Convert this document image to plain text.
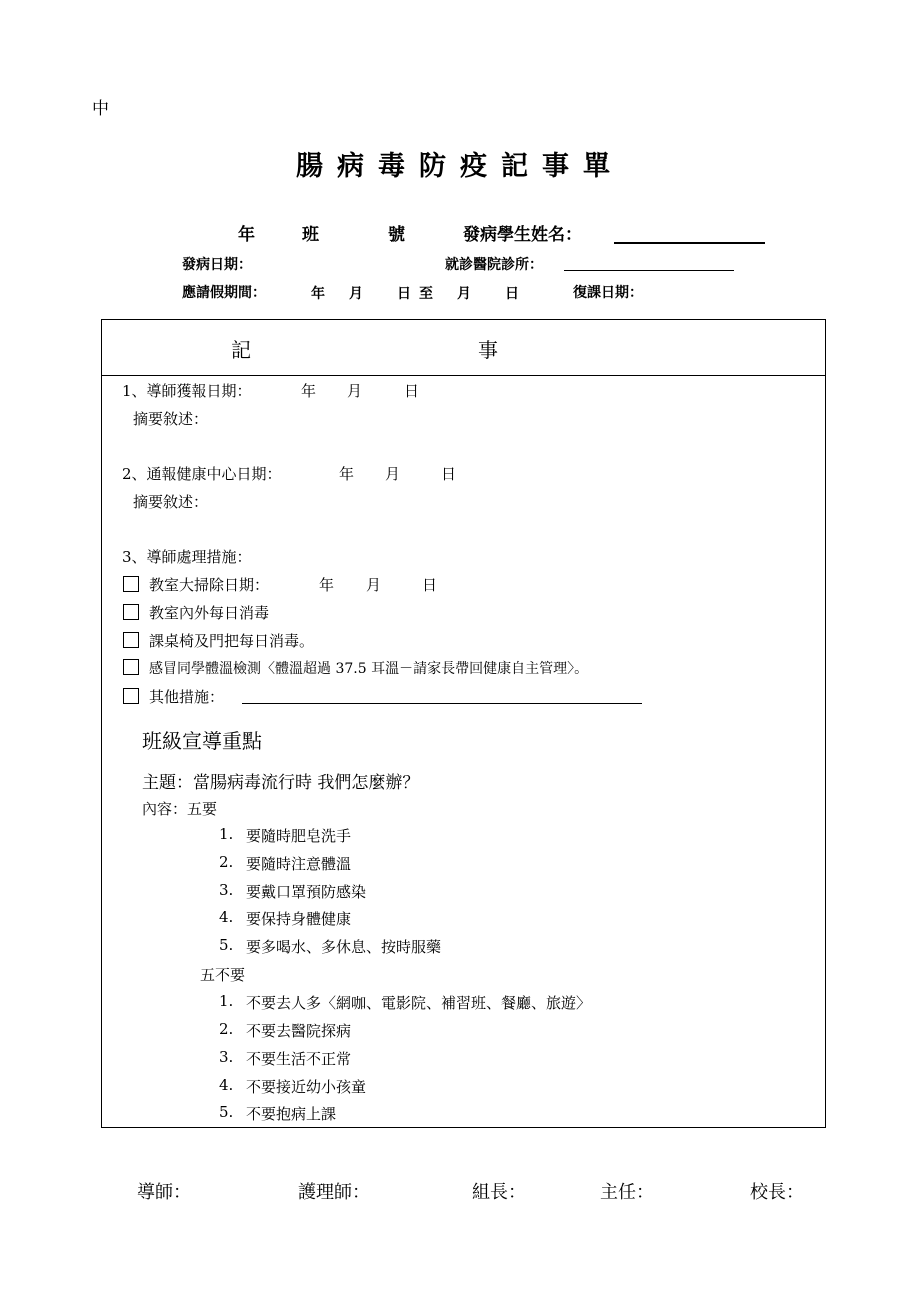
中
腸病毒防疫記事單
年	班	號	發病學生姓名：
發病日期：	就診醫院診所：
應請假期間：	年 月 日 至 月 日	復課日期：
記	事
1、導師獲報日期：	年 月	日
摘要敘述：
2、通報健康中心日期：	年 月	日
摘要敘述：
3、導師處理措施：
教室大掃除日期：	年 月	日
教室內外每日消毒
課桌椅及門把每日消毒。
感冒同學體溫檢測〈體溫超過 37.5 耳溫－請家長帶回健康自主管理〉。
其他措施：
班級宣導重點
主題：當腸病毒流行時 我們怎麼辦？
內容：五要
1. 要隨時肥皂洗手
2. 要隨時注意體溫
3. 要戴口罩預防感染
4. 要保持身體健康
5. 要多喝水、多休息、按時服藥
五不要
1. 不要去人多〈網咖、電影院、補習班、餐廳、旅遊〉
2. 不要去醫院探病
3. 不要生活不正常
4. 不要接近幼小孩童
5. 不要抱病上課
導師：	護理師：	組長：	主任：	校長：
